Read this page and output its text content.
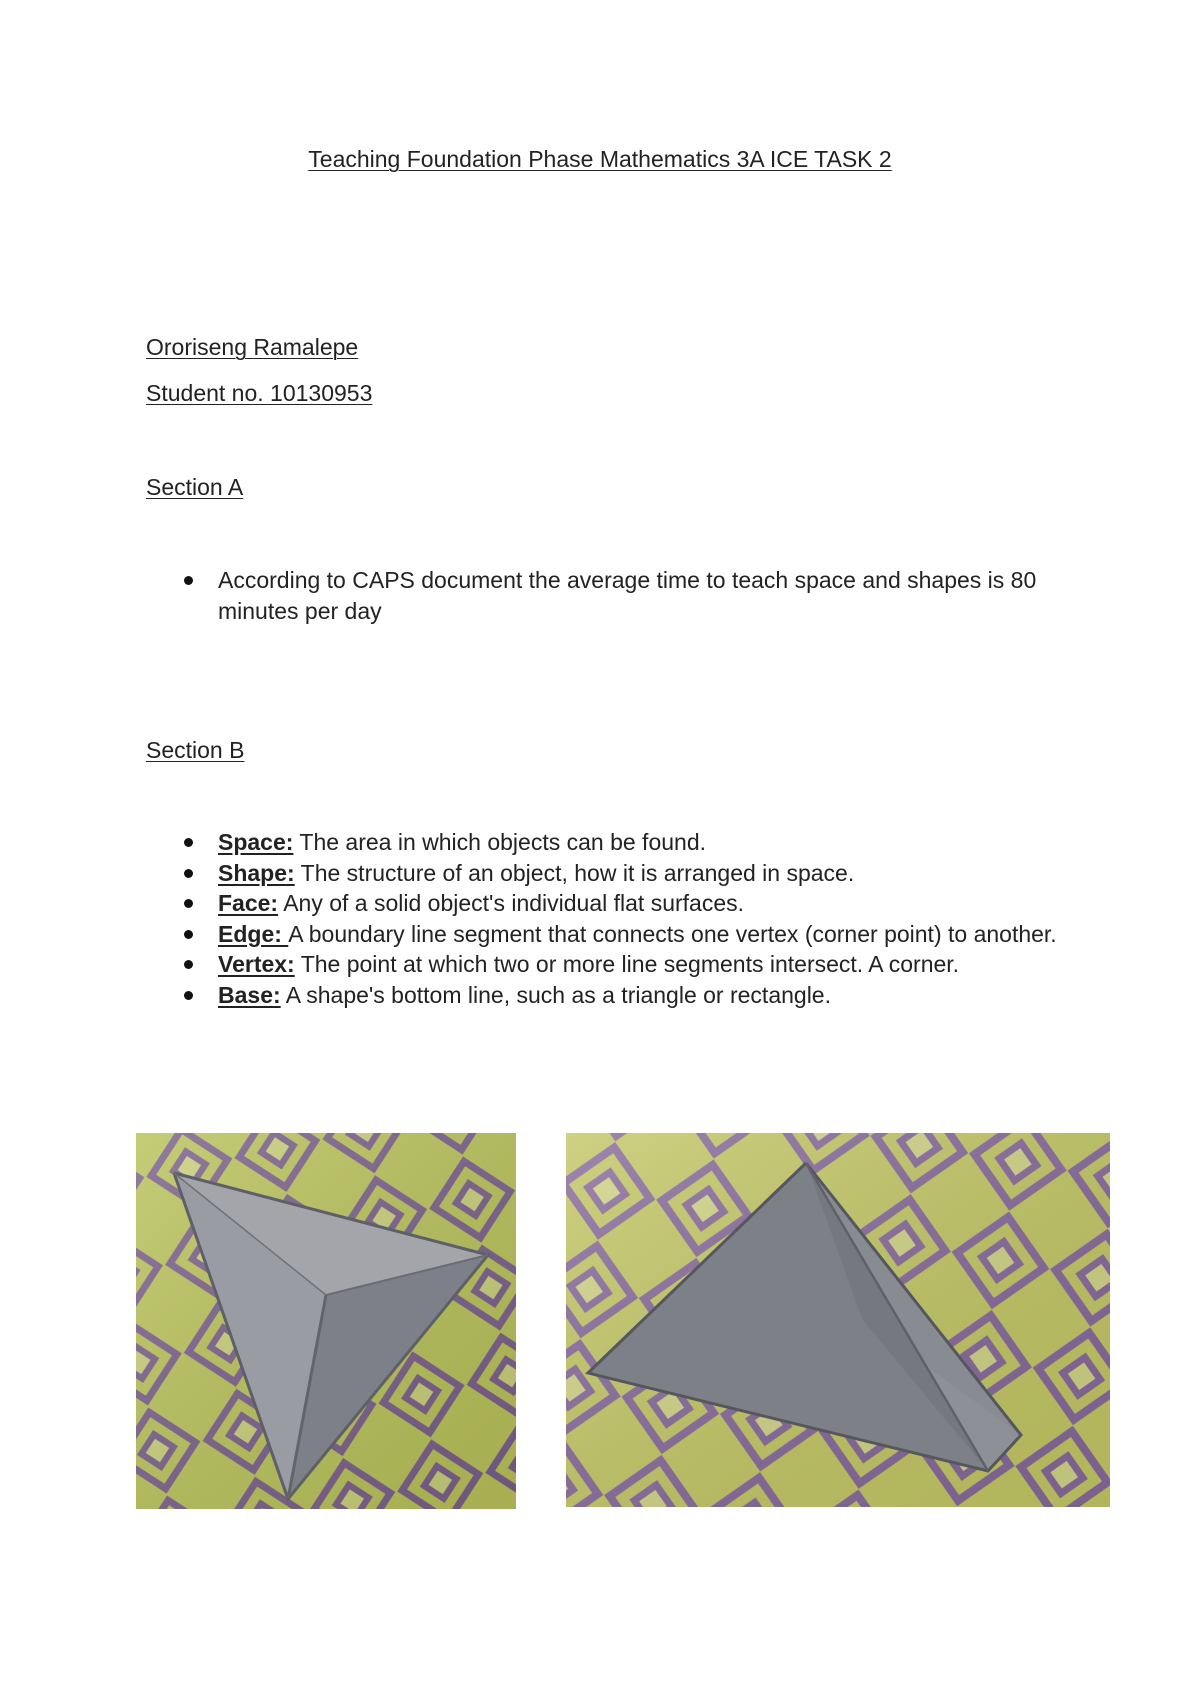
Teaching Foundation Phase Mathematics 3A ICE TASK 2
Ororiseng Ramalepe
Student no. 10130953
Section A
According to CAPS document the average time to teach space and shapes is 80 minutes per day
Section B
Space: The area in which objects can be found.
Shape: The structure of an object, how it is arranged in space.
Face: Any of a solid object's individual flat surfaces.
Edge: A boundary line segment that connects one vertex (corner point) to another.
Vertex: The point at which two or more line segments intersect. A corner.
Base: A shape's bottom line, such as a triangle or rectangle.
